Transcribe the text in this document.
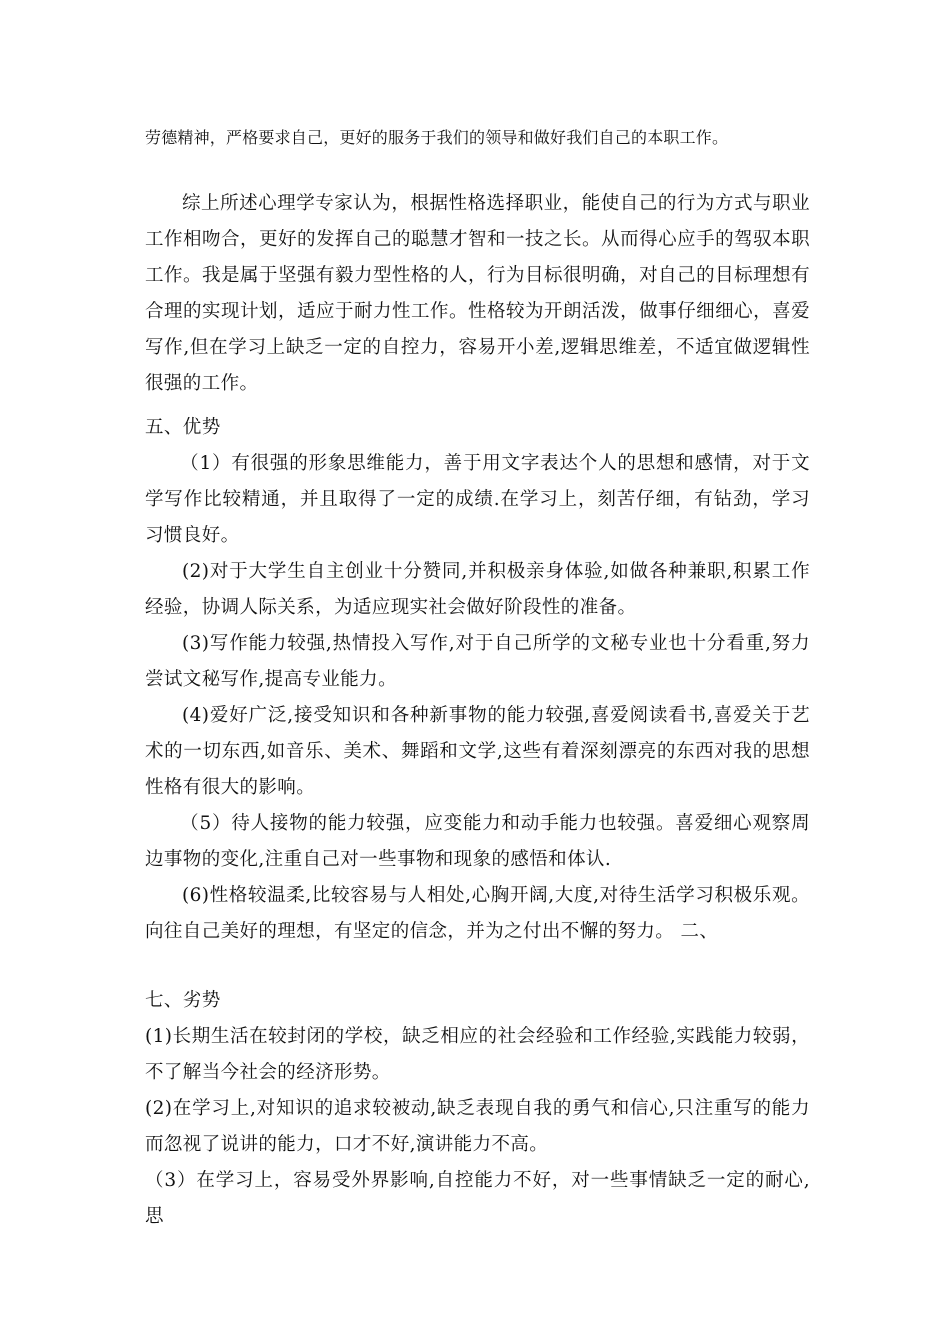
劳德精神，严格要求自己，更好的服务于我们的领导和做好我们自己的本职工作。

综上所述心理学专家认为，根据性格选择职业，能使自己的行为方式与职业工作相吻合，更好的发挥自己的聪慧才智和一技之长。从而得心应手的驾驭本职工作。我是属于坚强有毅力型性格的人，行为目标很明确，对自己的目标理想有合理的实现计划，适应于耐力性工作。性格较为开朗活泼，做事仔细细心，喜爱写作,但在学习上缺乏一定的自控力，容易开小差,逻辑思维差，不适宜做逻辑性很强的工作。

五、优势

（1）有很强的形象思维能力，善于用文字表达个人的思想和感情，对于文学写作比较精通，并且取得了一定的成绩.在学习上，刻苦仔细，有钻劲，学习习惯良好。

(2)对于大学生自主创业十分赞同,并积极亲身体验,如做各种兼职,积累工作经验，协调人际关系，为适应现实社会做好阶段性的准备。

(3)写作能力较强,热情投入写作,对于自己所学的文秘专业也十分看重,努力尝试文秘写作,提高专业能力。

(4)爱好广泛,接受知识和各种新事物的能力较强,喜爱阅读看书,喜爱关于艺术的一切东西,如音乐、美术、舞蹈和文学,这些有着深刻漂亮的东西对我的思想性格有很大的影响。

（5）待人接物的能力较强，应变能力和动手能力也较强。喜爱细心观察周边事物的变化,注重自己对一些事物和现象的感悟和体认.

(6)性格较温柔,比较容易与人相处,心胸开阔,大度,对待生活学习积极乐观。向往自己美好的理想，有坚定的信念，并为之付出不懈的努力。 二、

七、劣势

(1)长期生活在较封闭的学校，缺乏相应的社会经验和工作经验,实践能力较弱，不了解当今社会的经济形势。

(2)在学习上,对知识的追求较被动,缺乏表现自我的勇气和信心,只注重写的能力而忽视了说讲的能力，口才不好,演讲能力不高。

（3）在学习上，容易受外界影响,自控能力不好，对一些事情缺乏一定的耐心,思
